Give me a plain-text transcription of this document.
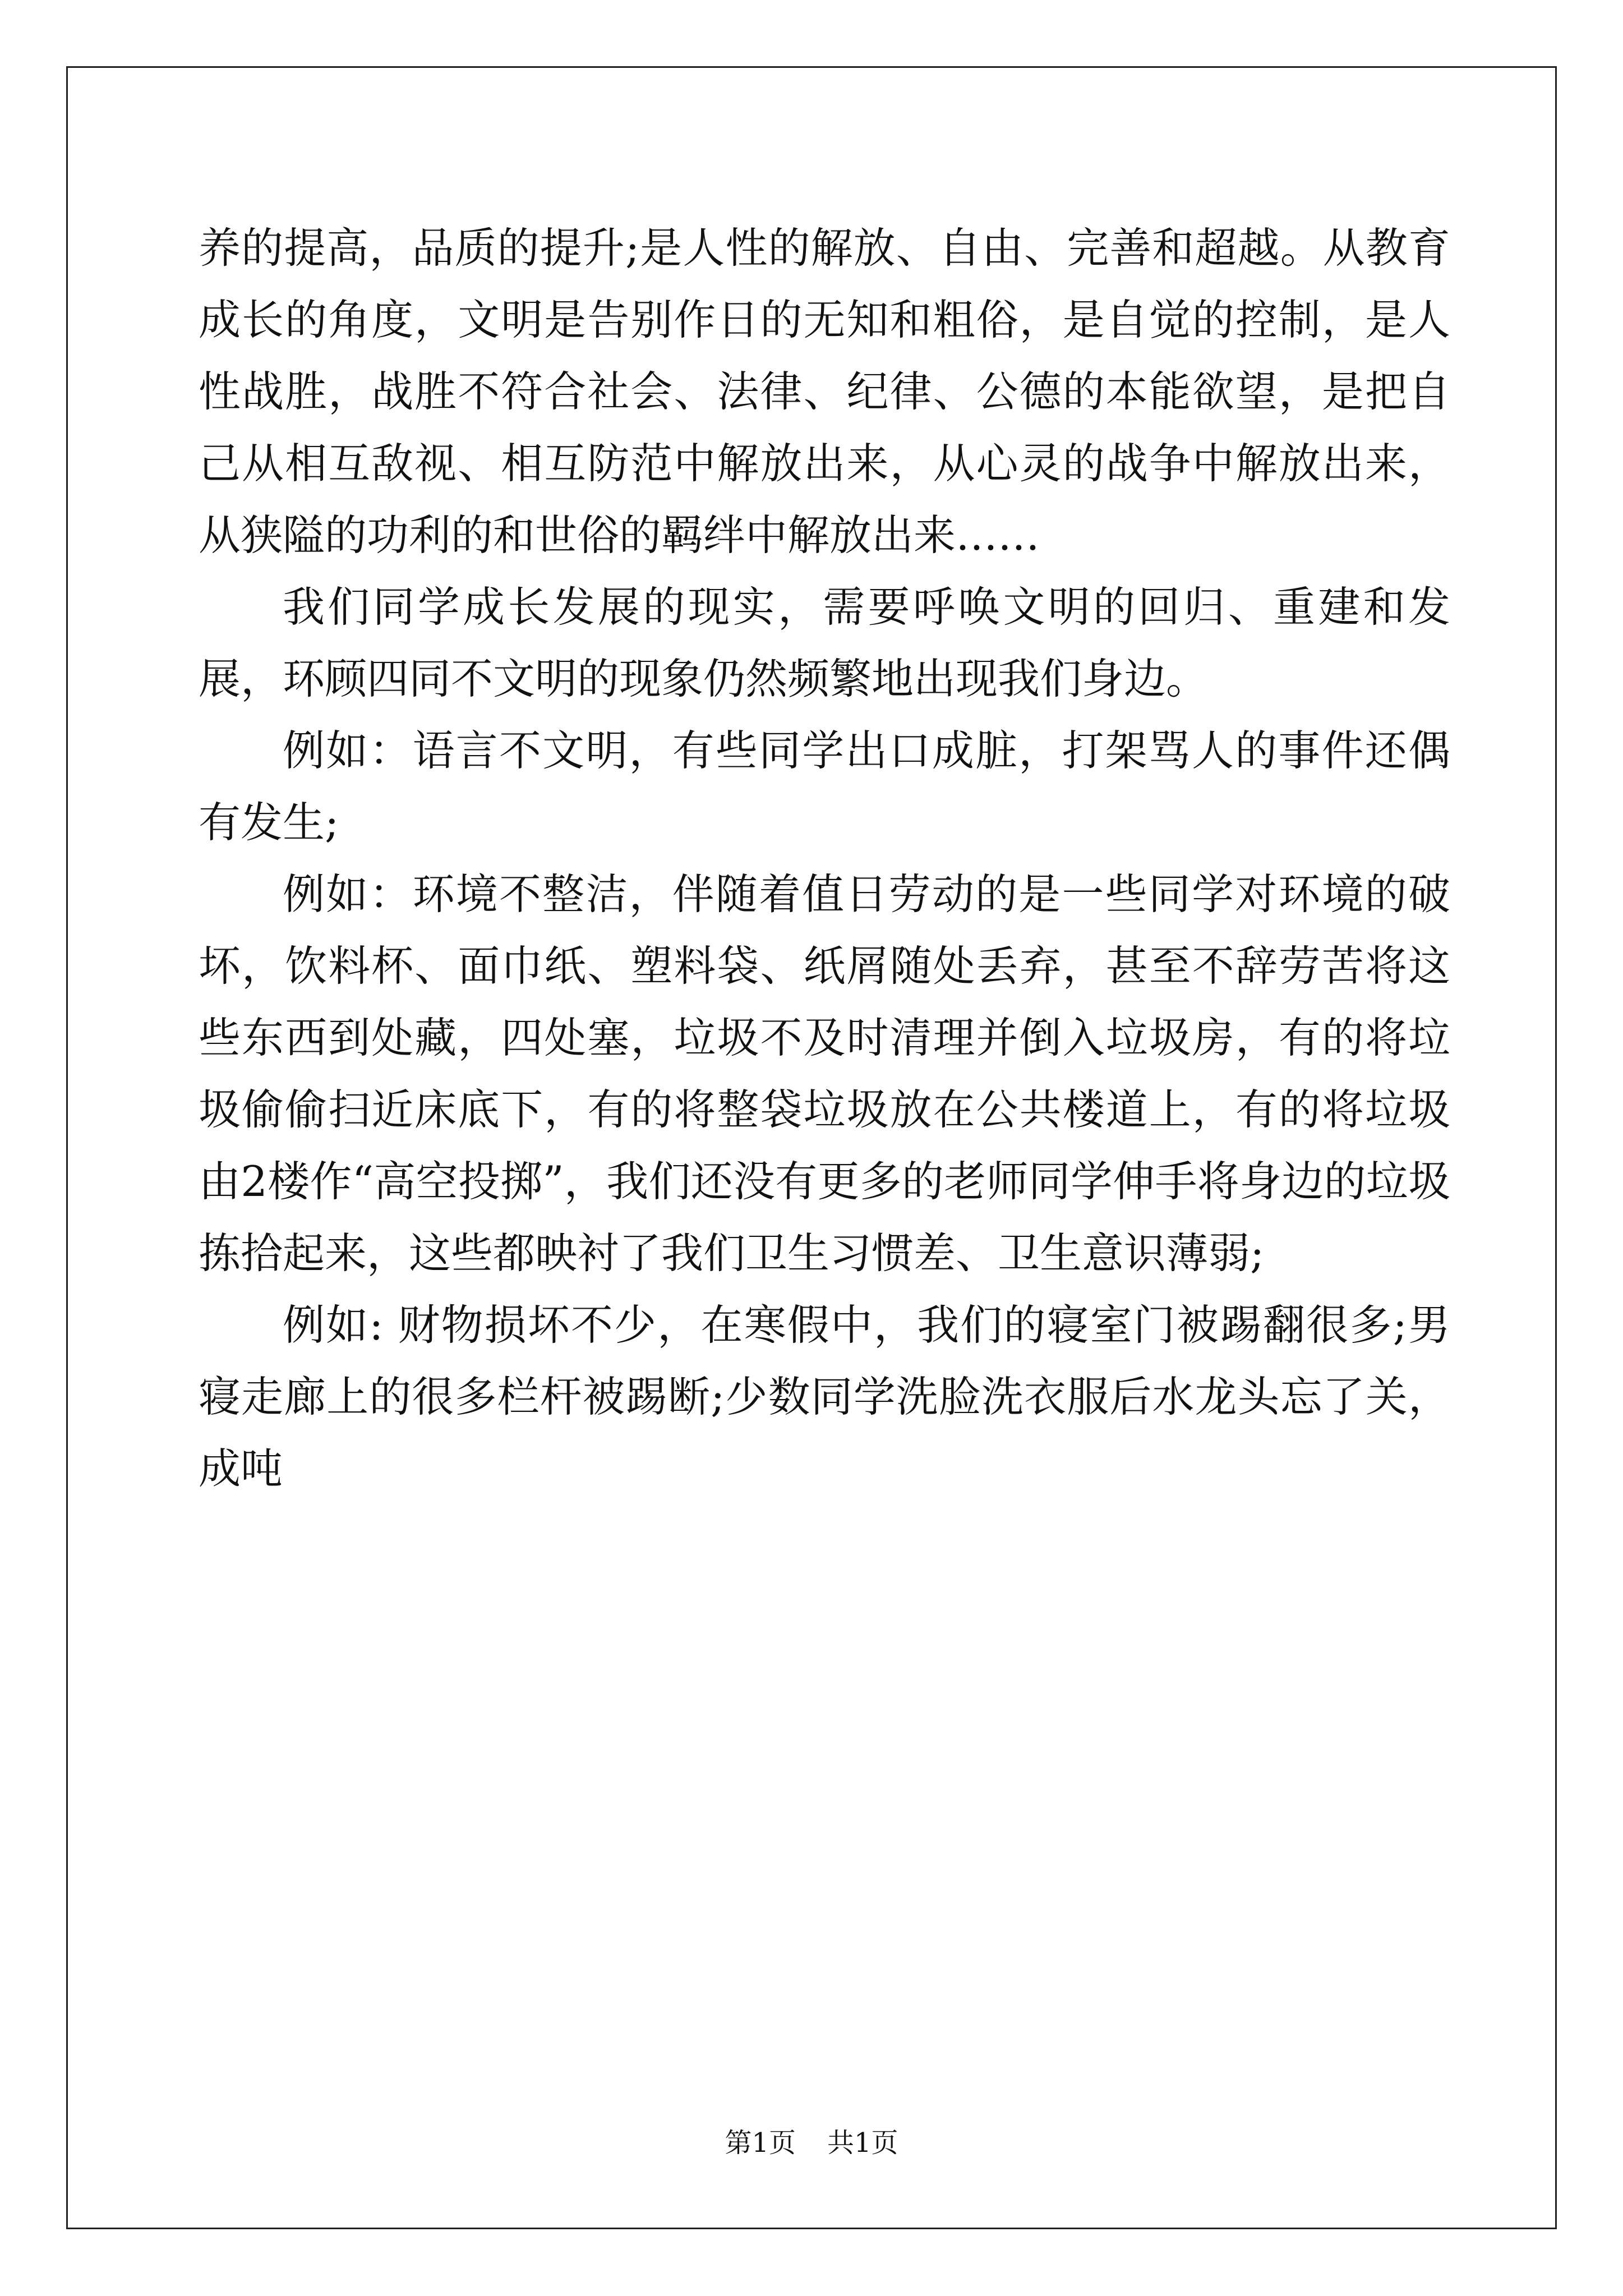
养的提高，品质的提升;是人性的解放、自由、完善和超越。从教育成长的角度，文明是告别作日的无知和粗俗，是自觉的控制，是人性战胜，战胜不符合社会、法律、纪律、公德的本能欲望，是把自己从相互敌视、相互防范中解放出来，从心灵的战争中解放出来，从狭隘的功利的和世俗的羁绊中解放出来……

我们同学成长发展的现实，需要呼唤文明的回归、重建和发展，环顾四同不文明的现象仍然频繁地出现我们身边。

例如：语言不文明，有些同学出口成脏，打架骂人的事件还偶有发生;

例如：环境不整洁，伴随着值日劳动的是一些同学对环境的破坏，饮料杯、面巾纸、塑料袋、纸屑随处丢弃，甚至不辞劳苦将这些东西到处藏，四处塞，垃圾不及时清理并倒入垃圾房，有的将垃圾偷偷扫近床底下，有的将整袋垃圾放在公共楼道上，有的将垃圾由2楼作“高空投掷”，我们还没有更多的老师同学伸手将身边的垃圾拣拾起来，这些都映衬了我们卫生习惯差、卫生意识薄弱;

例如: 财物损坏不少，在寒假中，我们的寝室门被踢翻很多;男寝走廊上的很多栏杆被踢断;少数同学洗脸洗衣服后水龙头忘了关，成吨

第1页 共1页
